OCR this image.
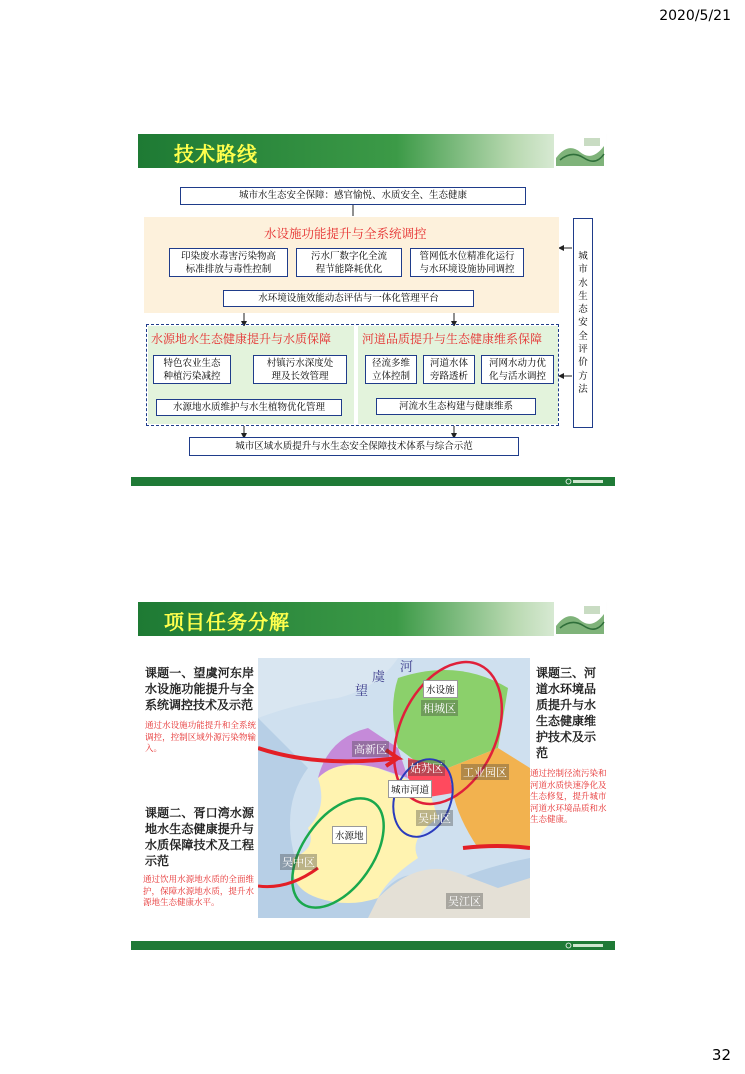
2020/5/21
技术路线
城市水生态安全保障：感官愉悦、水质安全、生态健康
水设施功能提升与全系统调控
印染废水毒害污染物高
标准排放与毒性控制
污水厂数字化全流
程节能降耗优化
管网低水位精准化运行
与水环境设施协同调控
水环境设施效能动态评估与一体化管理平台
水源地水生态健康提升与水质保障	河道品质提升与生态健康维系保障
特色农业生态
种植污染减控
村镇污水深度处
理及长效管理
水源地水质维护与水生植物优化管理
径流多维
立体控制
河道水体
旁路透析
河网水动力优
化与活水调控
河流水生态构建与健康维系
城市区域水质提升与水生态安全保障技术体系与综合示范
城
市
水
生
态
安
全
评
价
方
法
项目任务分解
望
虞
河
相城区
高新区
姑苏区 工业园区
吴中区
吴中区
吴江区
水设施
城市河道
水源地
课题一、望虞河东岸水设施功能提升与全系统调控技术及示范
通过水设施功能提升和全系统调控，控制区域外源污染物输入。
课题二、胥口湾水源地水生态健康提升与水质保障技术及工程示范
通过饮用水源地水质的全面维护，保障水源地水质，提升水源地生态健康水平。
课题三、河道水环境品质提升与水生态健康维护技术及示范
通过控制径流污染和河道水质快速净化及生态修复，提升城市河道水环境品质和水生态健康。
32
